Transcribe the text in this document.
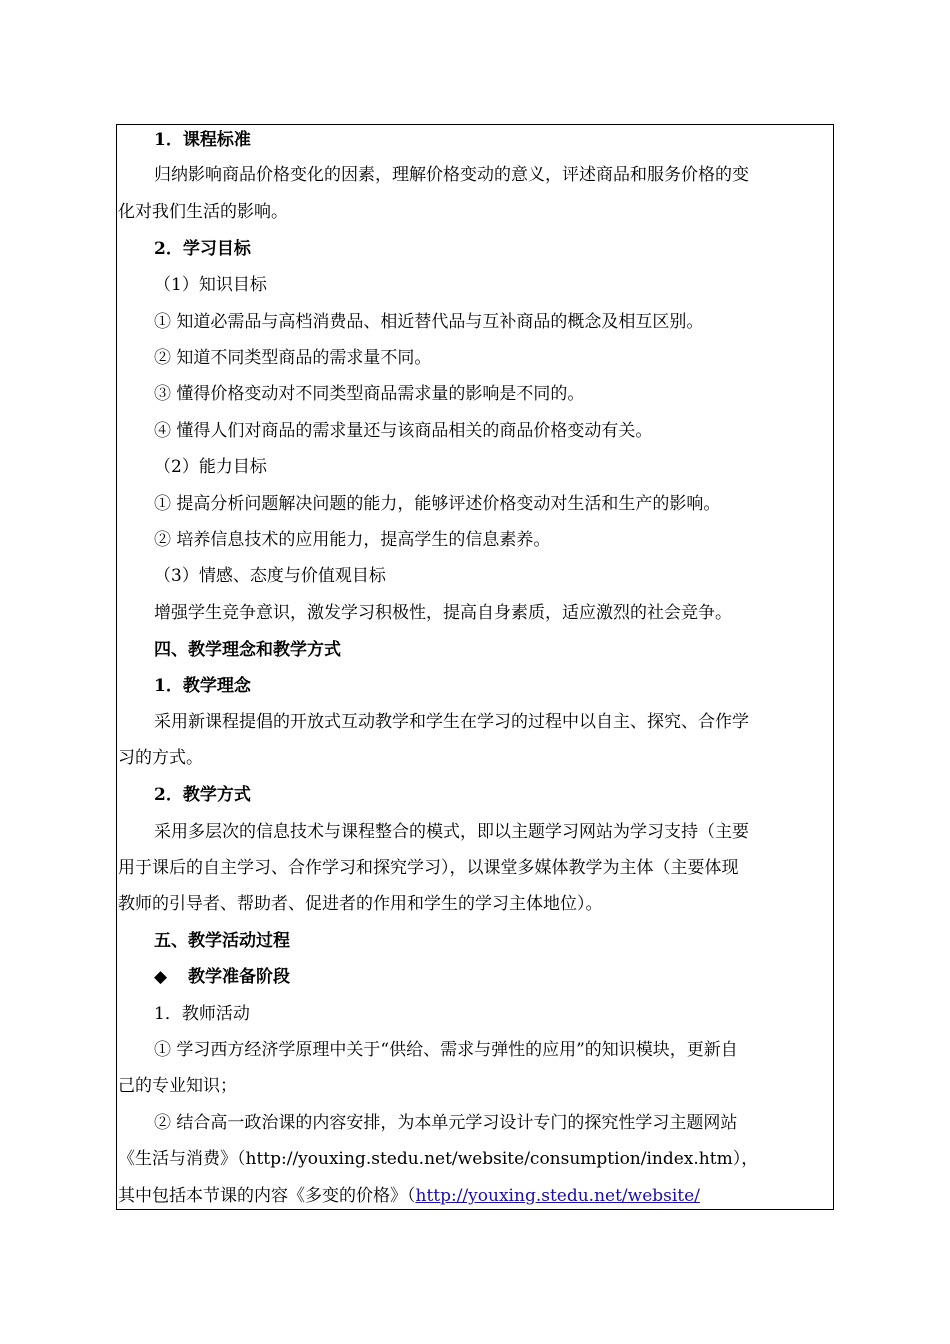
1．课程标准
归纳影响商品价格变化的因素，理解价格变动的意义，评述商品和服务价格的变
化对我们生活的影响。
2．学习目标
（1）知识目标
① 知道必需品与高档消费品、相近替代品与互补商品的概念及相互区别。
② 知道不同类型商品的需求量不同。
③ 懂得价格变动对不同类型商品需求量的影响是不同的。
④ 懂得人们对商品的需求量还与该商品相关的商品价格变动有关。
（2）能力目标
① 提高分析问题解决问题的能力，能够评述价格变动对生活和生产的影响。
② 培养信息技术的应用能力，提高学生的信息素养。
（3）情感、态度与价值观目标
增强学生竞争意识，激发学习积极性，提高自身素质，适应激烈的社会竞争。
四、教学理念和教学方式
1．教学理念
采用新课程提倡的开放式互动教学和学生在学习的过程中以自主、探究、合作学
习的方式。
2．教学方式
采用多层次的信息技术与课程整合的模式，即以主题学习网站为学习支持（主要
用于课后的自主学习、合作学习和探究学习），以课堂多媒体教学为主体（主要体现
教师的引导者、帮助者、促进者的作用和学生的学习主体地位）。
五、教学活动过程
◆ 教学准备阶段
1．教师活动
① 学习西方经济学原理中关于“供给、需求与弹性的应用”的知识模块，更新自
己的专业知识；
② 结合高一政治课的内容安排，为本单元学习设计专门的探究性学习主题网站
《生活与消费》（http://youxing.stedu.net/website/consumption/index.htm），
其中包括本节课的内容《多变的价格》（http://youxing.stedu.net/website/
